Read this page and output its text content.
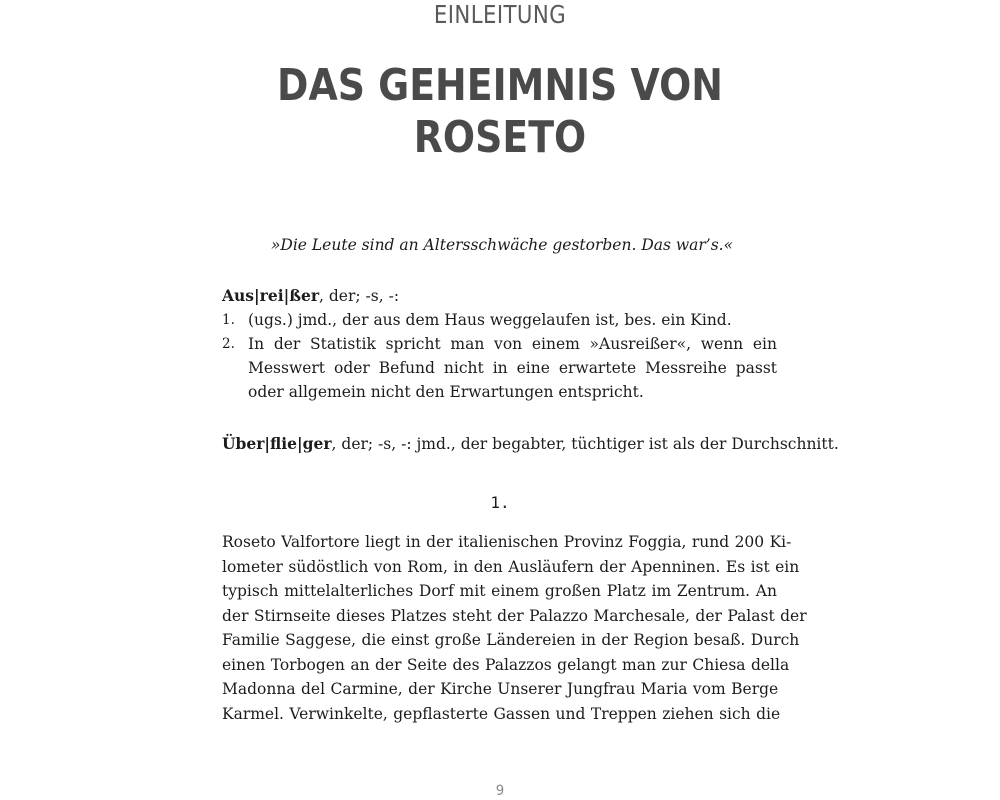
EINLEITUNG
DAS GEHEIMNIS VON
ROSETO
»Die Leute sind an Altersschwäche gestorben. Das war’s.«
Aus|rei|ßer, der; -s, -:
1. (ugs.) jmd., der aus dem Haus weggelaufen ist, bes. ein Kind.
2. In der Statistik spricht man von einem »Ausreißer«, wenn ein Messwert oder Befund nicht in eine erwartete Messreihe passt oder allgemein nicht den Erwartungen entspricht.
Über|flie|ger, der; -s, -: jmd., der begabter, tüchtiger ist als der Durchschnitt.
1.
Roseto Valfortore liegt in der italienischen Provinz Foggia, rund 200 Ki-
lometer südöstlich von Rom, in den Ausläufern der Apenninen. Es ist ein
typisch mittelalterliches Dorf mit einem großen Platz im Zentrum. An
der Stirnseite dieses Platzes steht der Palazzo Marchesale, der Palast der
Familie Saggese, die einst große Ländereien in der Region besaß. Durch
einen Torbogen an der Seite des Palazzos gelangt man zur Chiesa della
Madonna del Carmine, der Kirche Unserer Jungfrau Maria vom Berge
Karmel. Verwinkelte, gepflasterte Gassen und Treppen ziehen sich die
9
